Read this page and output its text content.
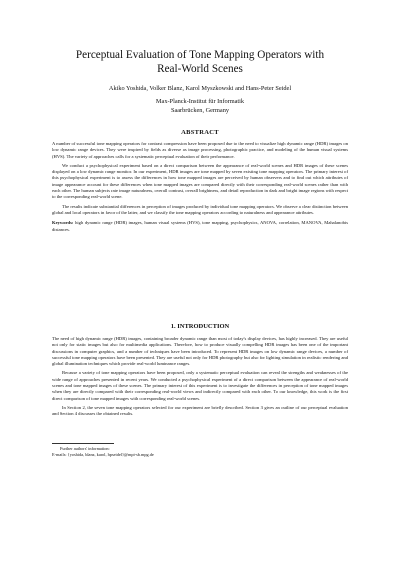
Perceptual Evaluation of Tone Mapping Operators with
Real-World Scenes
Akiko Yoshida, Volker Blanz, Karol Myszkowski and Hans-Peter Seidel
Max-Planck-Institut für Informatik
Saarbrücken, Germany
ABSTRACT

A number of successful tone mapping operators for contrast compression have been proposed due to the need to visualize high dynamic range (HDR) images on low dynamic range devices. They were inspired by fields as diverse as image processing, photographic practice, and modeling of the human visual systems (HVS). The variety of approaches calls for a systematic perceptual evaluation of their performance.

We conduct a psychophysical experiment based on a direct comparison between the appearance of real-world scenes and HDR images of these scenes displayed on a low dynamic range monitor. In our experiment, HDR images are tone mapped by seven existing tone mapping operators. The primary interest of this psychophysical experiment is to assess the differences in how tone mapped images are perceived by human observers and to find out which attributes of image appearance account for these differences when tone mapped images are compared directly with their corresponding real-world scenes rather than with each other. The human subjects rate image naturalness, overall contrast, overall brightness, and detail reproduction in dark and bright image regions with respect to the corresponding real-world scene.

The results indicate substantial differences in perception of images produced by individual tone mapping operators. We observe a clear distinction between global and local operators in favor of the latter, and we classify the tone mapping operators according to naturalness and appearance attributes.

Keywords: high dynamic range (HDR) images, human visual systems (HVS), tone mapping, psychophysics, ANOVA, correlation, MANOVA, Mahalanobis distances.

1. INTRODUCTION

The need of high dynamic range (HDR) images, containing broader dynamic range than most of today's display devices, has highly increased. They are useful not only for static images but also for multimedia applications. Therefore, how to produce visually compelling HDR images has been one of the important discussions in computer graphics, and a number of techniques have been introduced. To represent HDR images on low dynamic range devices, a number of successful tone mapping operators have been presented. They are useful not only for HDR photography but also for lighting simulation in realistic rendering and global illumination techniques which provide real-world luminance ranges.

Because a variety of tone mapping operators have been proposed, only a systematic perceptual evaluation can reveal the strengths and weaknesses of the wide range of approaches presented in recent years. We conducted a psychophysical experiment of a direct comparison between the appearance of real-world scenes and tone mapped images of these scenes. The primary interest of this experiment is to investigate the differences in perception of tone mapped images when they are directly compared with their corresponding real-world views and indirectly compared with each other. To our knowledge, this work is the first direct comparison of tone mapped images with corresponding real-world scenes.

In Section 2, the seven tone mapping operators selected for our experiment are briefly described. Section 3 gives an outline of our perceptual evaluation and Section 4 discusses the obtained results.

Further authors' information:
E-mails: {yoshida, blanz, karol, hpseidel}@mpi-sb.mpg.de
